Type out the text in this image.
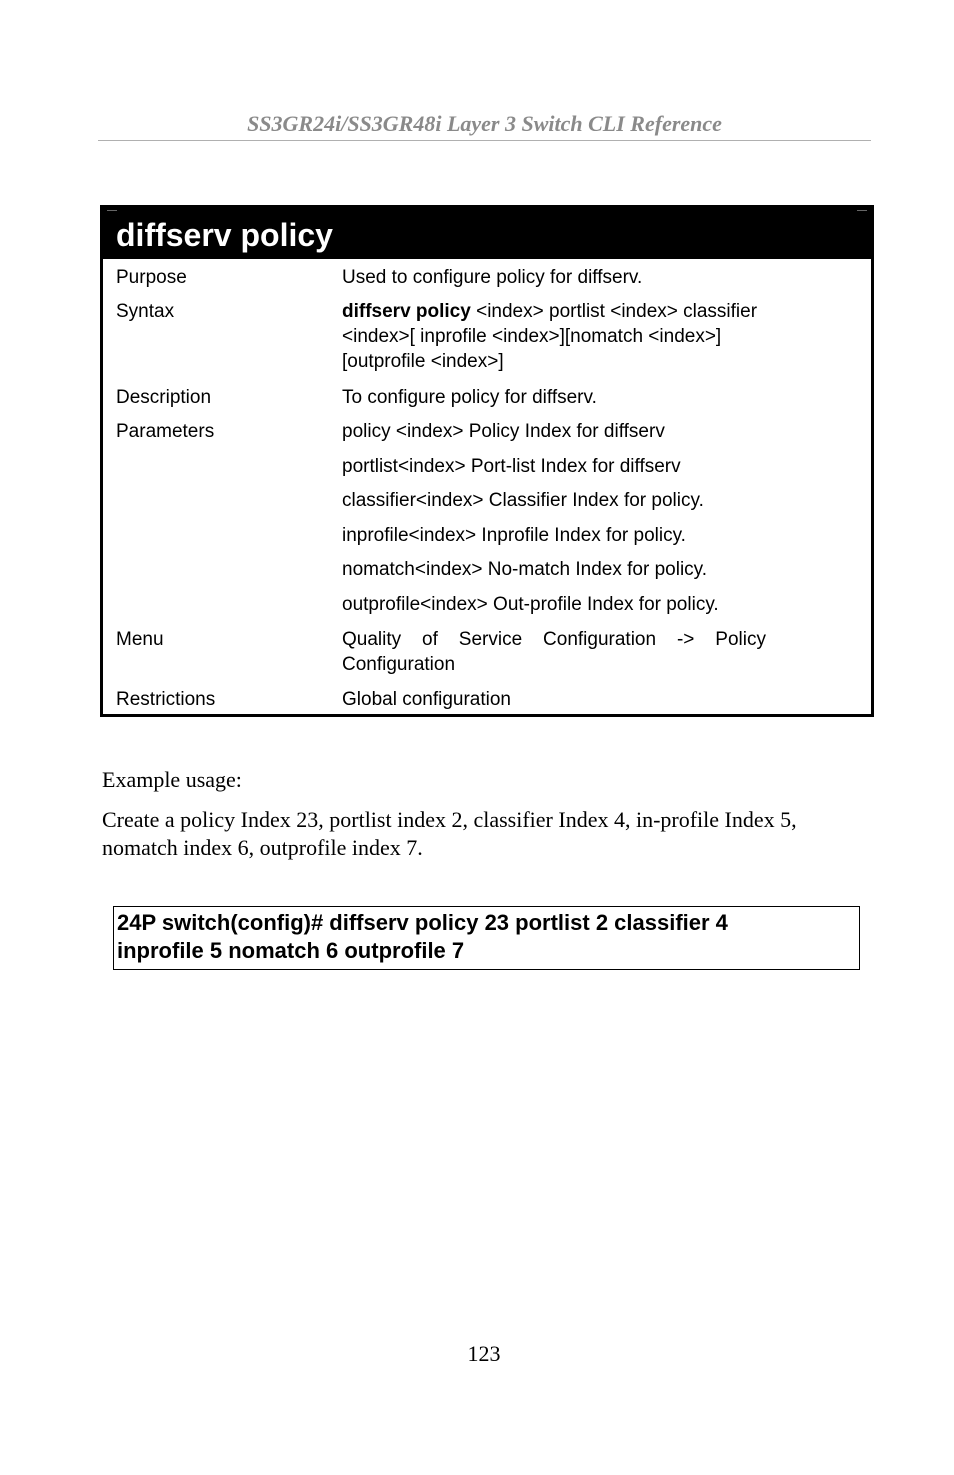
SS3GR24i/SS3GR48i Layer 3 Switch CLI Reference
diffserv policy
Purpose	Used to configure policy for diffserv.
Syntax	diffserv policy <index> portlist <index> classifier
<index>[ inprofile <index>][nomatch <index>]
[outprofile <index>]
Description	To configure policy for diffserv.
Parameters	policy <index> Policy Index for diffserv
portlist<index> Port-list Index for diffserv
classifier<index> Classifier Index for policy.
inprofile<index> Inprofile Index for policy.
nomatch<index> No-match Index for policy.
outprofile<index> Out-profile Index for policy.
Menu	Quality of Service Configuration -> Policy
Configuration
Restrictions	Global configuration
Example usage:
Create a policy Index 23, portlist index 2, classifier Index 4, in-profile Index 5,
nomatch index 6, outprofile index 7.
24P switch(config)# diffserv policy 23 portlist 2 classifier 4
inprofile 5 nomatch 6 outprofile 7
123
